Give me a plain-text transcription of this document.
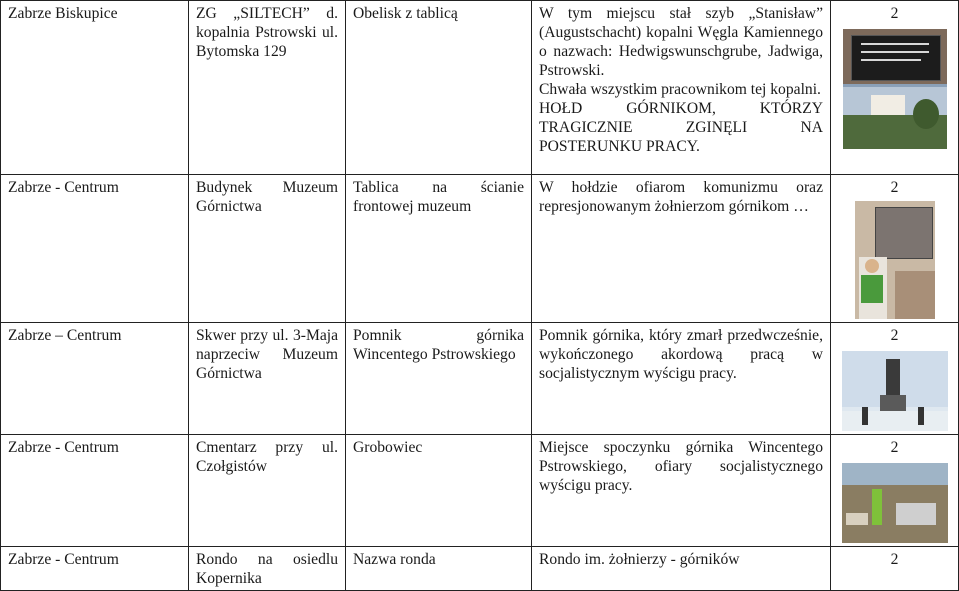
Zabrze Biskupice	ZG „SILTECH” d. kopalnia Pstrowski ul. Bytomska 129	Obelisk z tablicą	W tym miejscu stał szyb „Stanisław” (Augustschacht) kopalni Węgla Kamiennego o nazwach: Hedwigswunschgrube, Jadwiga, Pstrowski.
Chwała wszystkim pracownikom tej kopalni.
HOŁD GÓRNIKOM, KTÓRZY TRAGICZNIE ZGINĘLI NA POSTERUNKU PRACY.	2

Zabrze - Centrum	Budynek Muzeum Górnictwa	Tablica na ścianie frontowej muzeum	W hołdzie ofiarom komunizmu oraz represjonowanym żołnierzom górnikom …	2

Zabrze – Centrum	Skwer przy ul. 3-Maja naprzeciw Muzeum Górnictwa	Pomnik górnika Wincentego Pstrowskiego	Pomnik górnika, który zmarł przedwcześnie, wykończonego akordową pracą w socjalistycznym wyścigu pracy.	2

Zabrze - Centrum	Cmentarz przy ul. Czołgistów	Grobowiec	Miejsce spoczynku górnika Wincentego Pstrowskiego, ofiary socjalistycznego wyścigu pracy.	2

Zabrze - Centrum	Rondo na osiedlu Kopernika	Nazwa ronda	Rondo im. żołnierzy - górników	2
